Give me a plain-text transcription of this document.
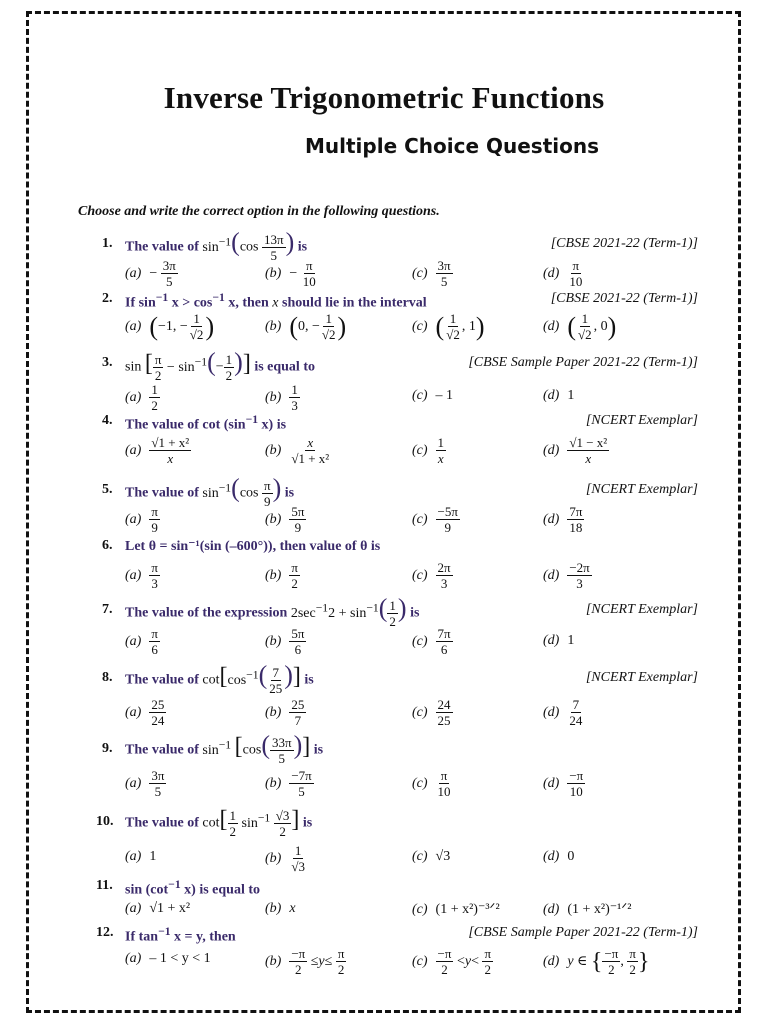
Inverse Trigonometric Functions
Multiple Choice Questions
Choose and write the correct option in the following questions.
1. The value of $\sin^{-1}(\cos \frac{13\pi}{5}$ ) is	[CBSE 2021-22 (Term-1)]
$(a) - \frac{3\pi}{5}$	$(b) - \frac{\pi}{10}$	$(c) \frac{3\pi}{5}$	$(d) \frac{\pi}{10}$
2. If $\sin^{-1} x > \cos^{-1} x$, then x should lie in the interval	[CBSE 2021-22 (Term-1)]
(a) ( −1, − $\frac{1}{√2}$ )	(b) ( 0, − $\frac{1}{√2}$ )	(c) ( $\frac{1}{√2}$ , 1 )	(d) ( $\frac{1}{√2}$ , 0 )
3. sin [ $\frac{\pi}{2} - \sin^{-1}(- \frac{1}{2}$ )] is equal to	[CBSE Sample Paper 2021-22 (Term-1)]
$(a) \frac{1}{2}$	$(b) \frac{1}{3}$	(c) – 1	(d) 1
4. The value of $\cot (\sin^{-1}$ x) is	[NCERT Exemplar]
$(a) \frac{\text{√1 + x²}}{x}$	$(b) \frac{x}{\text{√1 + x²}}$	$(c) \frac{1}{x}$	$(d) \frac{\text{√1 − x²}}{x}$
5. The value of $\sin^{-1}(\cos \frac{\pi}{9}$ ) is	[NCERT Exemplar]
$(a) \frac{\pi}{9}$	$(b) \frac{5\pi}{9}$	$(c) \frac{-5\pi}{9}$	$(d) \frac{7\pi}{18}$
6. Let θ = sin⁻¹(sin (–600°)), then value of θ is
$(a) \frac{\pi}{3}$	$(b) \frac{\pi}{2}$	$(c) \frac{2\pi}{3}$	$(d) \frac{-2\pi}{3}$
7. The value of the expression $2\sec^{-1}2 + \sin^{-1}( \frac{1}{2}$ ) is	[NCERT Exemplar]
$(a) \frac{\pi}{6}$	$(b) \frac{5\pi}{6}$	$(c) \frac{7\pi}{6}$	(d) 1
8. The value of $\cot[\cos^{-1}( \frac{7}{25}$ )] is	[NCERT Exemplar]
$(a) \frac{25}{24}$	$(b) \frac{25}{7}$	$(c) \frac{24}{25}$	$(d) \frac{7}{24}$
9. The value of $\sin^{-1} [\cos( \frac{33\pi}{5}$ )] is
$(a) \frac{3\pi}{5}$	$(b) \frac{-7\pi}{5}$	$(c) \frac{\pi}{10}$	$(d) \frac{-\pi}{10}$
10. The value of $\cot[ \frac{1}{2} \sin^{-1} \frac{√3}{2}$ ] is
(a) 1	$(b) \frac{1}{√3}$	(c) √3	(d) 0
11. $\sin (\cot^{-1}$ x) is equal to
(a) √1 + x²	(b) x	(c) (1 + x²)⁻³ᐟ²	(d) (1 + x²)⁻¹ᐟ²
12. If $\tan^{-1} x = y$, then	[CBSE Sample Paper 2021-22 (Term-1)]
(a) – 1 < y < 1	$(b) \frac{-\pi}{2} \le y \le \frac{\pi}{2}$	$(c) \frac{-\pi}{2} < y < \frac{\pi}{2}$	(d) y ∈ { $\frac{-\pi}{2}$ , $\frac{\pi}{2}$ }
